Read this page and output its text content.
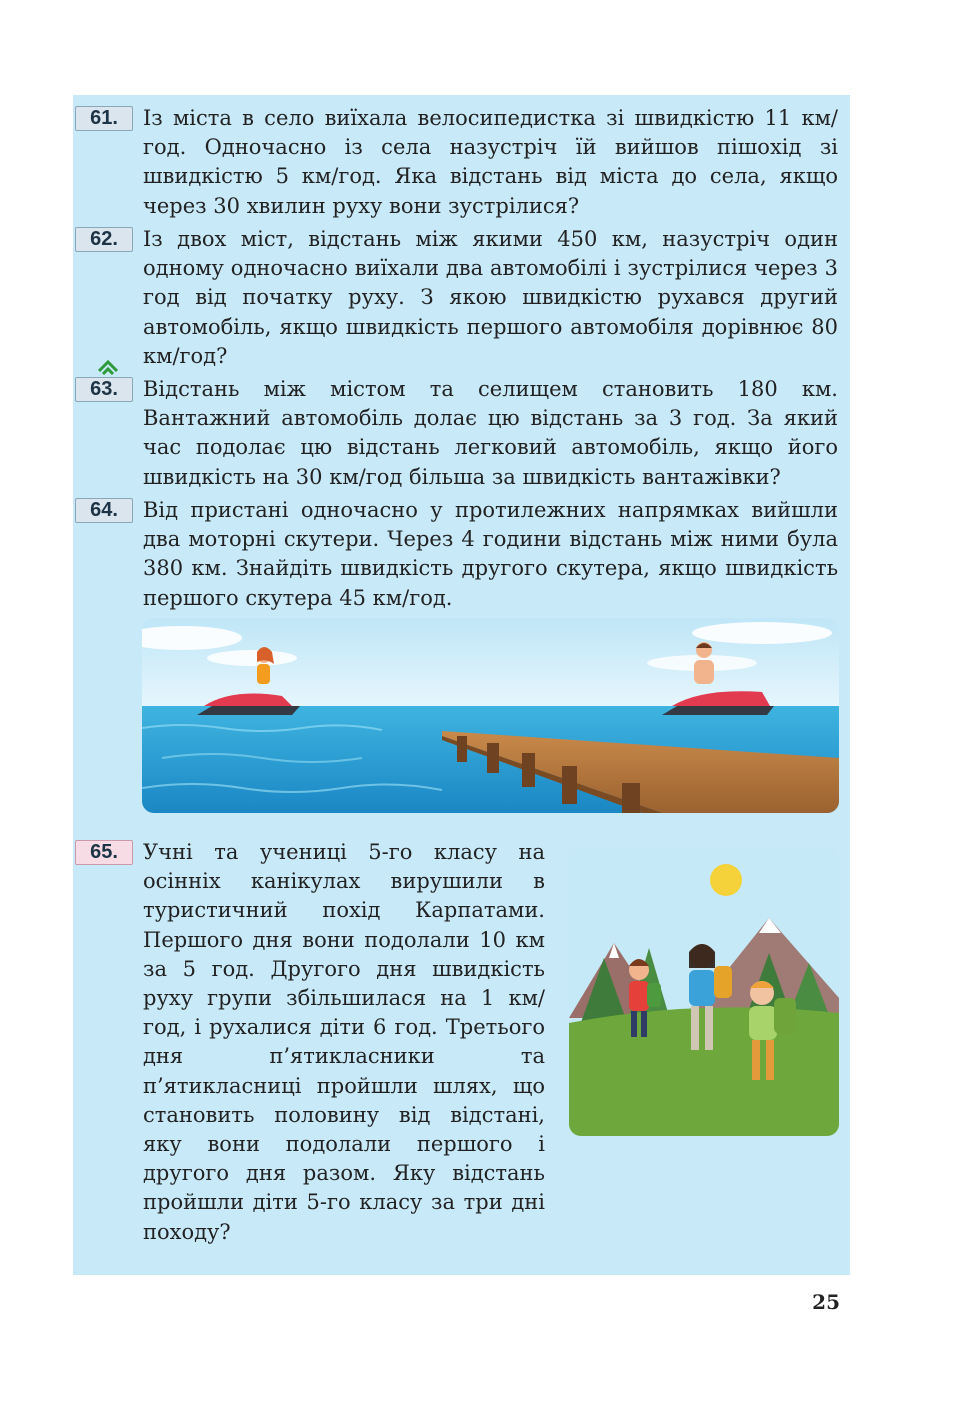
61.	Із міста в село виїхала велосипедистка зі швидкістю 11 км/год. Одночасно із села назустріч їй вийшов пішохід зі швидкістю 5 км/год. Яка відстань від міста до села, якщо через 30 хвилин руху вони зустрілися?
62.	Із двох міст, відстань між якими 450 км, назустріч один одному одночасно виїхали два автомобілі і зустрілися через 3 год від початку руху. З якою швидкістю рухався другий автомобіль, якщо швидкість першого автомобіля дорівнює 80 км/год?
63.	Відстань між містом та селищем становить 180 км. Вантажний автомобіль долає цю відстань за 3 год. За який час подолає цю відстань легковий автомобіль, якщо його швидкість на 30 км/год більша за швидкість вантажівки?
64.	Від пристані одночасно у протилежних напрямках вийшли два моторні скутери. Через 4 години відстань між ними була 380 км. Знайдіть швидкість другого скутера, якщо швидкість першого скутера 45 км/год.
65.	Учні та учениці 5-го класу на осінніх канікулах вирушили в туристичний похід Карпатами. Першого дня вони подолали 10 км за 5 год. Другого дня швидкість руху групи збільшилася на 1 км/год, і рухалися діти 6 год. Третього дня п’ятикласники та п’ятикласниці пройшли шлях, що становить половину від відстані, яку вони подолали першого і другого дня разом. Яку відстань пройшли діти 5-го класу за три дні походу?
25
